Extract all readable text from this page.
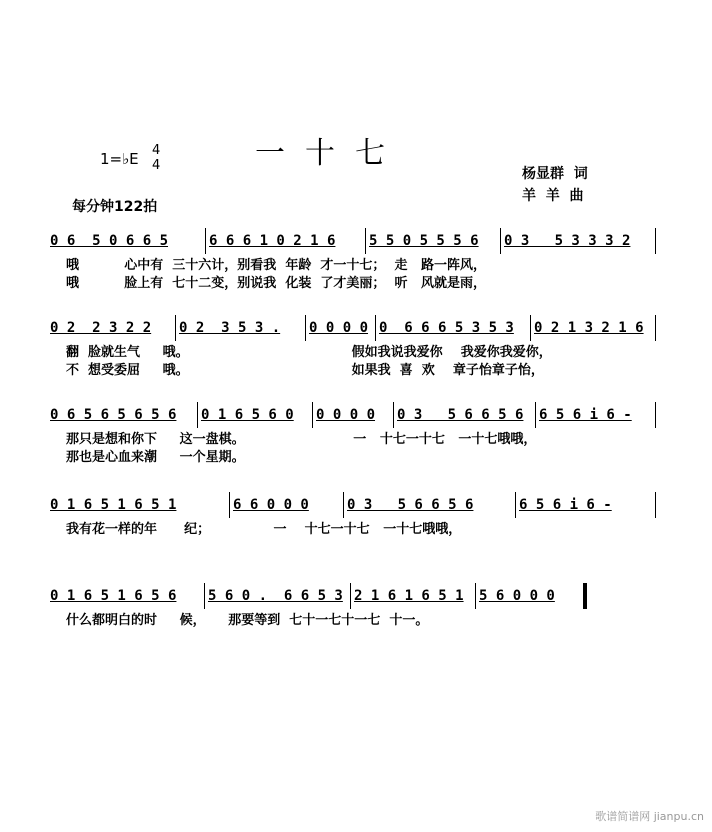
1=♭E 4
4	一十七
杨显群  词
羊  羊  曲
每分钟122拍
0 6  5 0 6 6 5	6 6 6 1 0 2 1 6 5 5 0 5 5 5 6 0 3   5 3 3 3 2
哦          心中有  三十六计，别看我  年龄  才一十七；  走   路一阵风，
哦          脸上有  七十二变，别说我  化装  了才美丽；  听   风就是雨，
0 2  2 3 2 2 0 2  3 5 3 . 0 0 0 0 0  6 6 6 5 3 5 3 0 2 1 3 2 1 6
翻  脸就生气     哦。                                    假如我说我爱你    我爱你我爱你，
不  想受委屈     哦。                                    如果我  喜  欢    章子怡章子怡，
0 6 5 6 5 6 5 6 0 1 6 5 6 0 0 0 0 0 0 3   5 6 6 5 6 6 5 6 i 6 -
那只是想和你下     这一盘棋。                        一   十七一十七   一十七哦哦，
那也是心血来潮     一个星期。
0 1 6 5 1 6 5 1	6 6 0 0 0	0 3   5 6 6 5 6	6 5 6 i 6 -
我有花一样的年      纪；              一    十七一十七   一十七哦哦，
0 1 6 5 1 6 5 6 5 6 0 .  6 6 5 3 2 1 6 1 6 5 1 5 6 0 0 0
什么都明白的时     候，     那要等到  七十一七十一七  十一。
歌谱简谱网 jianpu.cn
